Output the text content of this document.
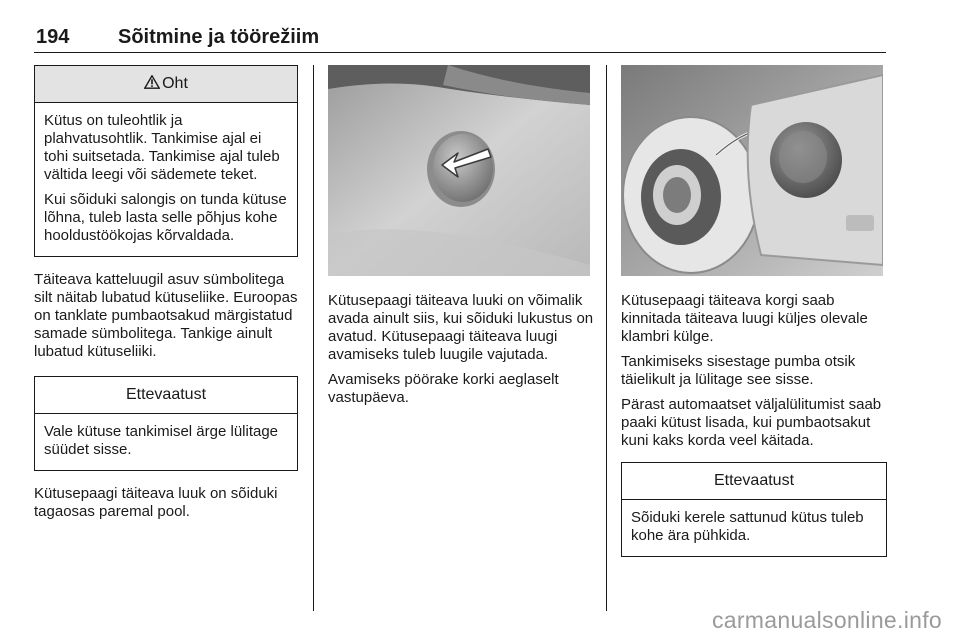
194 Sõitmine ja töörežiim
Oht

Kütus on tuleohtlik ja plahvatusohtlik. Tankimise ajal ei tohi suitsetada. Tankimise ajal tuleb vältida leegi või sädemete teket.

Kui sõiduki salongis on tunda kütuse lõhna, tuleb lasta selle põhjus kohe hooldustöökojas kõrvaldada.

Täiteava katteluugil asuv sümbolitega silt näitab lubatud kütuseliike. Euroopas on tanklate pumbaotsakud märgistatud samade sümbolitega. Tankige ainult lubatud kütuseliiki.

Ettevaatust

Vale kütuse tankimisel ärge lülitage süüdet sisse.

Kütusepaagi täiteava luuk on sõiduki tagaosas paremal pool.

Kütusepaagi täiteava luuki on võimalik avada ainult siis, kui sõiduki lukustus on avatud. Kütusepaagi täiteava luugi avamiseks tuleb luugile vajutada.

Avamiseks pöörake korki aeglaselt vastupäeva.

Kütusepaagi täiteava korgi saab kinnitada täiteava luugi küljes olevale klambri külge.

Tankimiseks sisestage pumba otsik täielikult ja lülitage see sisse.

Pärast automaatset väljalülitumist saab paaki kütust lisada, kui pumbaotsakut kuni kaks korda veel käitada.

Ettevaatust

Sõiduki kerele sattunud kütus tuleb kohe ära pühkida.

carmanualsonline.info
